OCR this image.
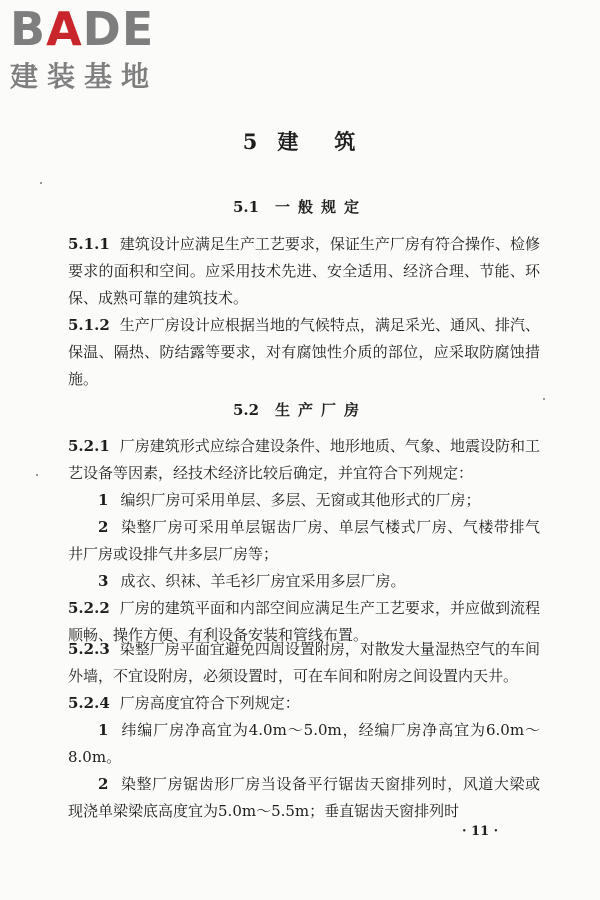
BADE
建装基地
5 建 筑
5.1 一般规定

5.1.1 建筑设计应满足生产工艺要求，保证生产厂房有符合操作、检修要求的面积和空间。应采用技术先进、安全适用、经济合理、节能、环保、成熟可靠的建筑技术。

5.1.2 生产厂房设计应根据当地的气候特点，满足采光、通风、排汽、保温、隔热、防结露等要求，对有腐蚀性介质的部位，应采取防腐蚀措施。

5.2 生产厂房

5.2.1 厂房建筑形式应综合建设条件、地形地质、气象、地震设防和工艺设备等因素，经技术经济比较后确定，并宜符合下列规定：

1 编织厂房可采用单层、多层、无窗或其他形式的厂房；

2 染整厂房可采用单层锯齿厂房、单层气楼式厂房、气楼带排气井厂房或设排气井多层厂房等；

3 成衣、织袜、羊毛衫厂房宜采用多层厂房。

5.2.2 厂房的建筑平面和内部空间应满足生产工艺要求，并应做到流程顺畅、操作方便、有利设备安装和管线布置。

5.2.3 染整厂房平面宜避免四周设置附房，对散发大量湿热空气的车间外墙，不宜设附房，必须设置时，可在车间和附房之间设置内天井。

5.2.4 厂房高度宜符合下列规定：

1 纬编厂房净高宜为4.0m～5.0m，经编厂房净高宜为6.0m～8.0m。

2 染整厂房锯齿形厂房当设备平行锯齿天窗排列时，风道大梁或现浇单梁梁底高度宜为5.0m～5.5m；垂直锯齿天窗排列时

· 11 ·
